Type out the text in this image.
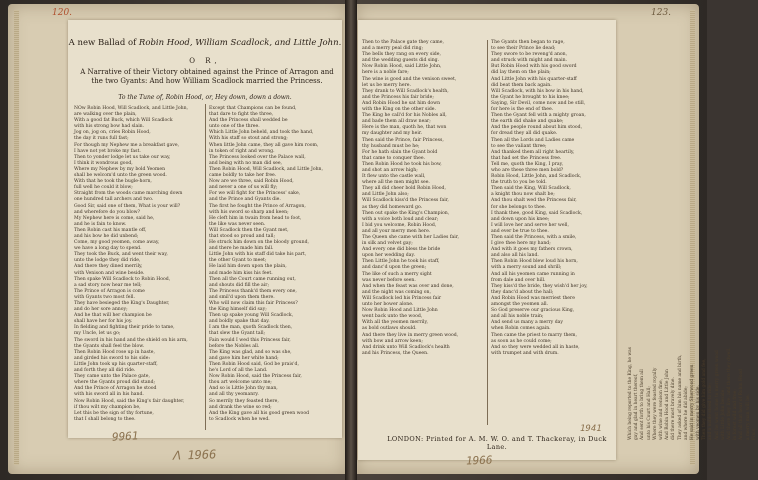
120.	123.
A new Ballad of Robin Hood, William Scadlock, and Little John.
O R,
A Narrative of their Victory obtained against the Prince of Arragon and the two Gyants: And how William Scadlock married the Princess.
To the Tune of, Robin Hood, or, Hey down, down a down.
NOw Robin Hood, Will Scadlock, and Little John,
are walking over the plain,
With a good fat Buck, which Will Scadlock
with his strong bow had slain.
Jog on, jog on, cries Robin Hood,
the day it runs full fast;
For though my Nephew me a breakfast gave,
I have not yet broke my fast.
Then to yonder lodge let us take our way,
I think it wondrous good,
Where my Nephew by my bold Yeomen
shall be welcom'd unto the green wood.
With that he took the bugle-horn,
full well he could it blow;
Straight from the woods came marching down
one hundred tall archers and two.
Good Sir, said one of them, What is your will?
and wherefore do you blow?
My Nephew here is come, said he,
and he is fain to know.
Then Robin cast his mantle off,
and his bow he did unbend;
Come, my good yeomen, come away,
we have a long day to spend.
They took the Buck, and went their way,
unto the lodge they did ride,
And there they dined merrily,
with Venison and wine beside.
Then spake Will Scadlock to Robin Hood,
a sad story now hear me tell;
The Prince of Arragon is come
with Gyants two most fell.
They have besieged the King's Daughter,
and do her sore annoy;
And he that will her champion be
shall have her for his joy.
In fielding and fighting their pride to tame,
my Uncle, let us go;
The sword in his hand and the shield on his arm,
the Gyants shall feel the blow.
Then Robin Hood rose up in haste,
and girded his sword to his side:
Little John took up his quarter-staff,
and forth they all did ride.
They came unto the Palace gate,
where the Gyants proud did stand;
And the Prince of Arragon he stood
with his sword all in his hand.
Now Robin Hood, said the King's fair daughter,
if thou wilt my champion be,
Let this be the sign of thy fortune,
that I shall belong to thee.
Except that Champions can be found,
that dare to fight the three,
And the Princess shall wedded be
unto one of the three.
Which Little John beheld, and took the hand,
With his staff so stout and strong;
When little John came, they all gave him room,
in token of right and wrong.
The Princess looked over the Palace wall,
and being with no man did see,
Then Robin Hood, Will Scadlock, and Little John,
came boldly to take her free.
Now are we three, said Robin Hood,
and never a one of us will fly;
For we will fight for the Princess' sake,
and the Prince and Gyants die.
The first he fought the Prince of Arragon,
with his sword so sharp and keen;
He cleft him in twain from head to foot,
the like was never seen.
Will Scadlock then the Gyant met,
that stood so proud and tall;
He struck him down on the bloody ground,
and there he made him fall.
Little John with his staff did take his part,
the other Gyant to meet;
He laid him down upon the plain,
and made him kiss his feet.
Then all the Court came running out,
and shouts did fill the air;
The Princess thank'd them every one,
and smil'd upon them there.
Who will now claim this fair Princess?
the King himself did say;
Then up spake young Will Scadlock,
and boldly spake that day.
I am the man, quoth Scadlock then,
that slew the Gyant tall;
Fain would I wed this Princess fair,
before the Nobles all.
The King was glad, and so was she,
and gave him her white hand;
Then Robin Hood said, God be prais'd,
he's Lord of all the Land.
Now Robin Hood, said the Princess fair,
thou art welcome unto me;
And so is Little John thy man,
and all thy yeomanry.
So merrily they feasted there,
and drank the wine so red;
And the King gave all his good green wood
to Scadlock when he wed.
Then to the Palace gate they came,
and a merry peal did ring;
The bells they rang on every side,
and the wedding guests did sing.
Now Robin Hood, said Little John,
here is a noble fare;
The wine is good and the venison sweet,
let us be merry here.
They drank to Will Scadlock's health,
and the Princess his fair bride;
And Robin Hood he sat him down
with the King on the other side.
The King he call'd for his Nobles all,
and bade them all draw near;
Here is the man, quoth he, that won
my daughter and my heir.
Then said the Prince, fair Princess,
thy husband must be he;
For he hath slain the Gyant bold
that came to conquer thee.
Then Robin Hood he took his bow,
and shot an arrow high;
It flew unto the castle wall,
where all the men might see.
They all did cheer bold Robin Hood,
and Little John also;
Will Scadlock kiss'd the Princess fair,
as they did homeward go.
Then out spake the King's Champion,
with a voice both loud and clear;
I bid you welcome, Robin Hood,
and all your merry men here.
The Queen she came with her Ladies fair,
in silk and velvet gay;
And every one did bless the bride
upon her wedding day.
Then Little John he took his staff,
and danc'd upon the green;
The like of such a merry sight
was never before seen.
And when the feast was over and done,
and the night was coming on,
Will Scadlock led his Princess fair
unto her bower alone.
Now Robin Hood and Little John
went back unto the wood,
With all the yeomen merrily,
as bold outlaws should.
And there they live in merry green wood,
with bow and arrow keen;
And drink unto Will Scadlock's health
and his Princess, the Queen.
The Gyants then began to rage,
to see their Prince lie dead;
They swore to be reveng'd anon,
and struck with might and main.
But Robin Hood with his good sword
did lay them on the plain;
And Little John with his quarter-staff
did beat them back again.
Will Scadlock, with his bow in his hand,
the Gyant he brought to his knee;
Saying, Sir Devil, come now and be still,
for here is the end of thee.
Then the Gyant fell with a mighty groan,
the earth did shake and quake;
And the people round about him stood,
for dread they all did quake.
Then all the Lords and Ladies came
to see the valiant three;
And thanked them all right heartily,
that had set the Princess free.
Tell me, quoth the King, I pray,
who are these three men bold?
Robin Hood, Little John, and Scadlock,
the truth to you be told.
Then said the King, Will Scadlock,
a knight thou now shalt be;
And thou shalt wed the Princess fair,
for she belongs to thee.
I thank thee, good King, said Scadlock,
and down upon his knee;
I will love her and serve her well,
and ever be true to thee.
Then said the Princess, with a smile,
I give thee here my hand;
And with it goes my fathers crown,
and also all his land.
Then Robin Hood blew loud his horn,
with a merry sound and shrill;
And all his yeomen came running in
from dale and over hill.
They kiss'd the bride, they wish'd her joy,
they danc'd about the hall;
And Robin Hood was merriest there
amongst the yeomen all.
So God preserve our gracious King,
and all his noble train;
And send us many a merry day
when Robin comes again.
Then came the priest to marry them,
as soon as he could come;
And so they were wedded all in haste,
with trumpet and with drum.
LONDON: Printed for A. M. W. O. and T. Thackeray, in Duck Lane.
Which being reported to the King, he was gay and glad in heart thereof, And sent forth to bring them all unto his Court and Hall; Where they were feasted royally with wine and venison fine, And Robin Hood and Little John did there most bravely dine. They asked of him his name and birth, and where he did abide; He said in merry Sherwood green with yeomen by his side. Then they did give him gold and fee, and a noble steed to ride; And he went home to merry green wood with Little John beside. And there they live, and there they dwell, in forest wild and free; And all that hear of Robin Hood a merry man will be. Finis.
9961
ᐱ 1966	1966
1941
